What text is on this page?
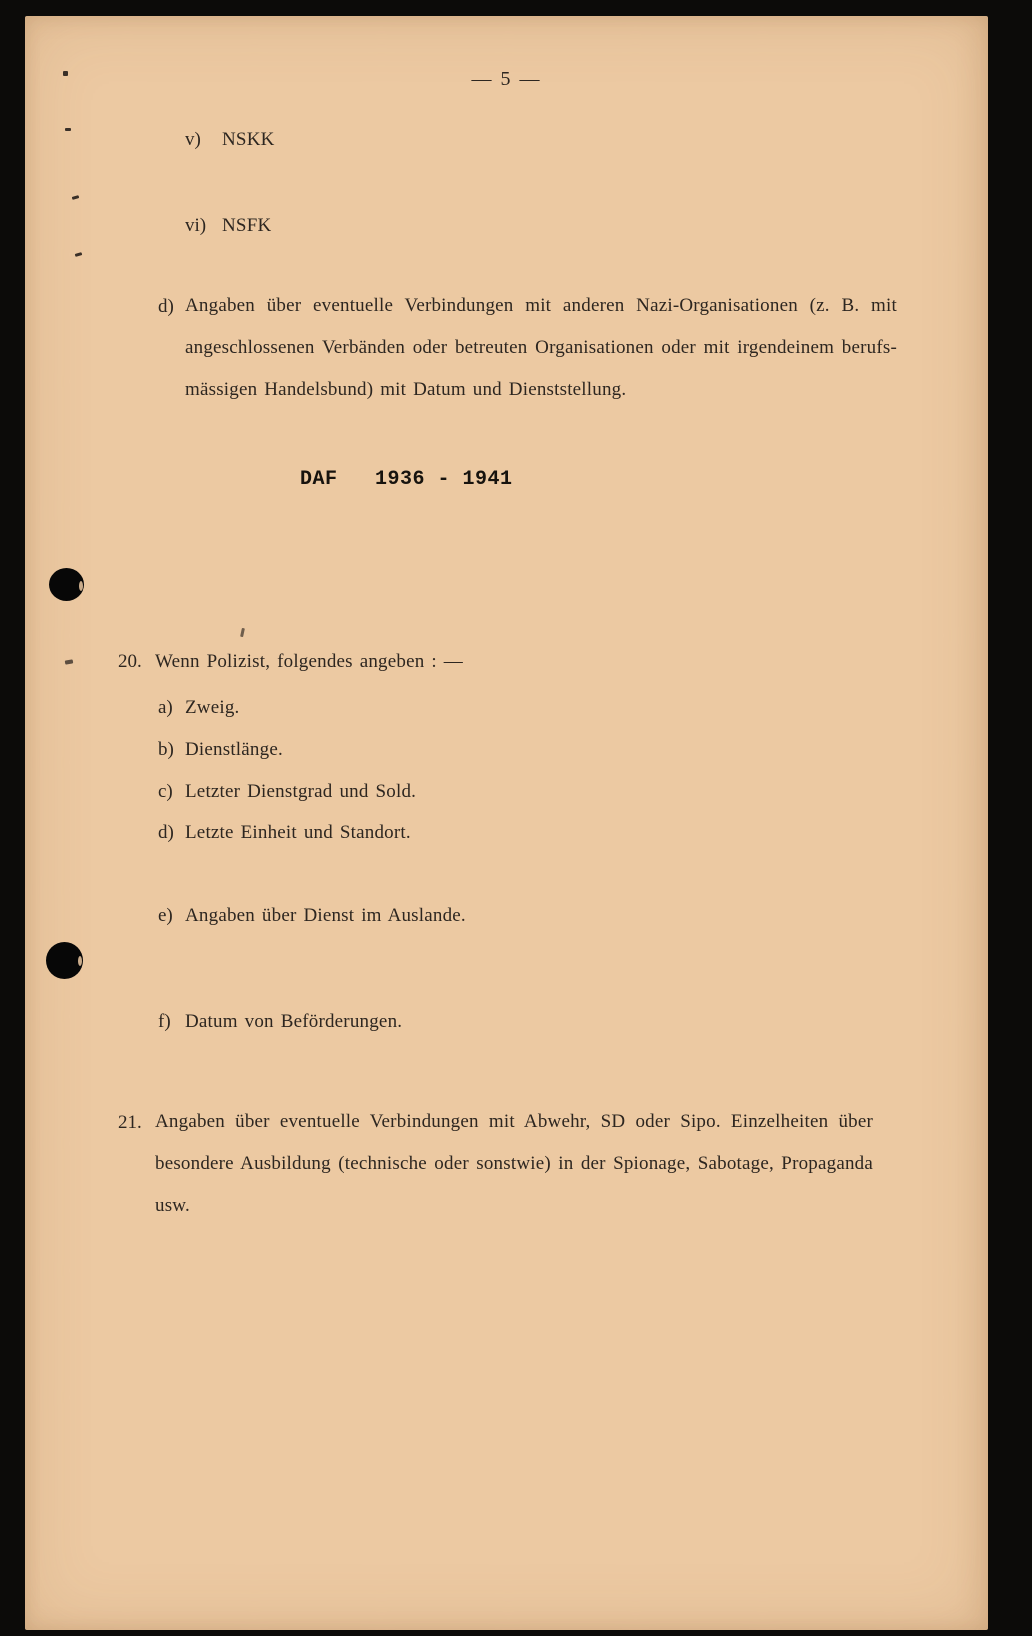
— 5 —
v) NSKK
vi) NSFK
d) Angaben über eventuelle Verbindungen mit anderen Nazi-Organisationen (z. B. mit angeschlossenen Verbänden oder betreuten Organisationen oder mit irgendeinem berufs-mässigen Handelsbund) mit Datum und Dienststellung.
DAF   1936 - 1941
20. Wenn Polizist, folgendes angeben : —
a) Zweig.
b) Dienstlänge.
c) Letzter Dienstgrad und Sold.
d) Letzte Einheit und Standort.
e) Angaben über Dienst im Auslande.
f) Datum von Beförderungen.
21. Angaben über eventuelle Verbindungen mit Abwehr, SD oder Sipo. Einzelheiten über besondere Ausbildung (technische oder sonstwie) in der Spionage, Sabotage, Propaganda usw.
